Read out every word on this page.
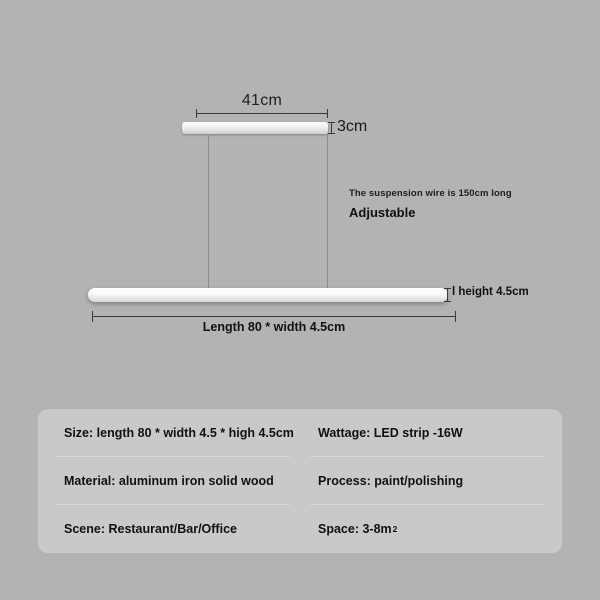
41cm
3cm
The suspension wire is 150cm long
Adjustable
l height 4.5cm
Length 80 * width 4.5cm
Size: length 80 * width 4.5 * high 4.5cm	Wattage: LED strip -16W
Material: aluminum iron solid wood	Process: paint/polishing
Scene: Restaurant/Bar/Office	Space: 3-8m 2
